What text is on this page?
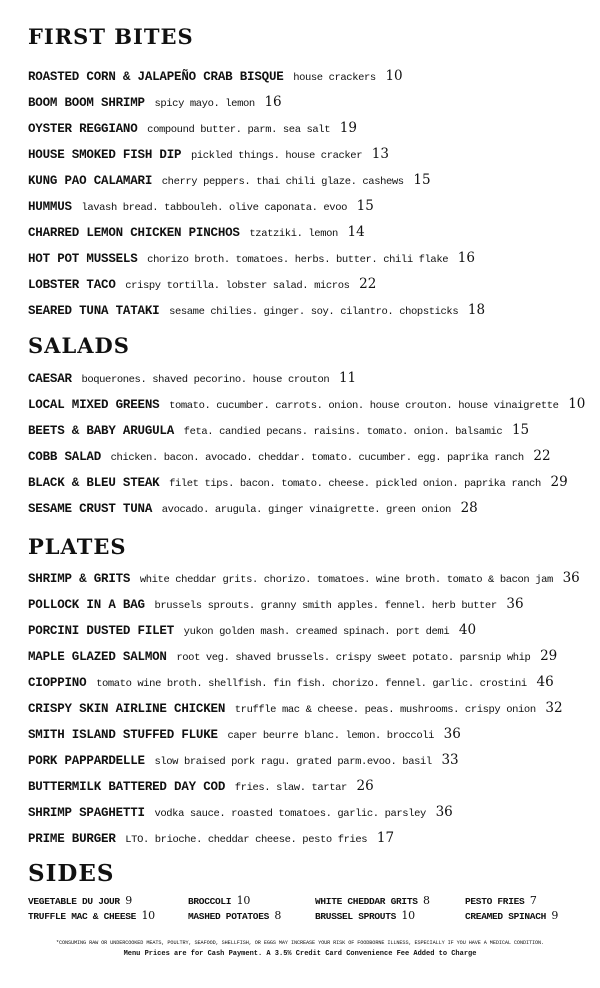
FIRST BITES
ROASTED CORN & JALAPEÑO CRAB BISQUE house crackers 10
BOOM BOOM SHRIMP spicy mayo. lemon 16
OYSTER REGGIANO compound butter. parm. sea salt 19
HOUSE SMOKED FISH DIP pickled things. house cracker 13
KUNG PAO CALAMARI cherry peppers. thai chili glaze. cashews 15
HUMMUS lavash bread. tabbouleh. olive caponata. evoo 15
CHARRED LEMON CHICKEN PINCHOS tzatziki. lemon 14
HOT POT MUSSELS chorizo broth. tomatoes. herbs. butter. chili flake 16
LOBSTER TACO crispy tortilla. lobster salad. micros 22
SEARED TUNA TATAKI sesame chilies. ginger. soy. cilantro. chopsticks 18
SALADS
CAESAR boquerones. shaved pecorino. house crouton 11
LOCAL MIXED GREENS tomato. cucumber. carrots. onion. house crouton. house vinaigrette 10
BEETS & BABY ARUGULA feta. candied pecans. raisins. tomato. onion. balsamic 15
COBB SALAD chicken. bacon. avocado. cheddar. tomato. cucumber. egg. paprika ranch 22
BLACK & BLEU STEAK filet tips. bacon. tomato. cheese. pickled onion. paprika ranch 29
SESAME CRUST TUNA avocado. arugula. ginger vinaigrette. green onion 28
PLATES
SHRIMP & GRITS white cheddar grits. chorizo. tomatoes. wine broth. tomato & bacon jam 36
POLLOCK IN A BAG brussels sprouts. granny smith apples. fennel. herb butter 36
PORCINI DUSTED FILET yukon golden mash. creamed spinach. port demi 40
MAPLE GLAZED SALMON root veg. shaved brussels. crispy sweet potato. parsnip whip 29
CIOPPINO tomato wine broth. shellfish. fin fish. chorizo. fennel. garlic. crostini 46
CRISPY SKIN AIRLINE CHICKEN truffle mac & cheese. peas. mushrooms. crispy onion 32
SMITH ISLAND STUFFED FLUKE caper beurre blanc. lemon. broccoli 36
PORK PAPPARDELLE slow braised pork ragu. grated parm.evoo. basil 33
BUTTERMILK BATTERED DAY COD fries. slaw. tartar 26
SHRIMP SPAGHETTI vodka sauce. roasted tomatoes. garlic. parsley 36
PRIME BURGER LTO. brioche. cheddar cheese. pesto fries 17
SIDES
VEGETABLE DU JOUR 9	BROCCOLI 10	WHITE CHEDDAR GRITS 8	PESTO FRIES 7
TRUFFLE MAC & CHEESE 10	MASHED POTATOES 8	BRUSSEL SPROUTS 10	CREAMED SPINACH 9
*CONSUMING RAW OR UNDERCOOKED MEATS, POULTRY, SEAFOOD, SHELLFISH, OR EGGS MAY INCREASE YOUR RISK OF FOODBORNE ILLNESS, ESPECIALLY IF YOU HAVE A MEDICAL CONDITION.
Menu Prices are for Cash Payment. A 3.5% Credit Card Convenience Fee Added to Charge
